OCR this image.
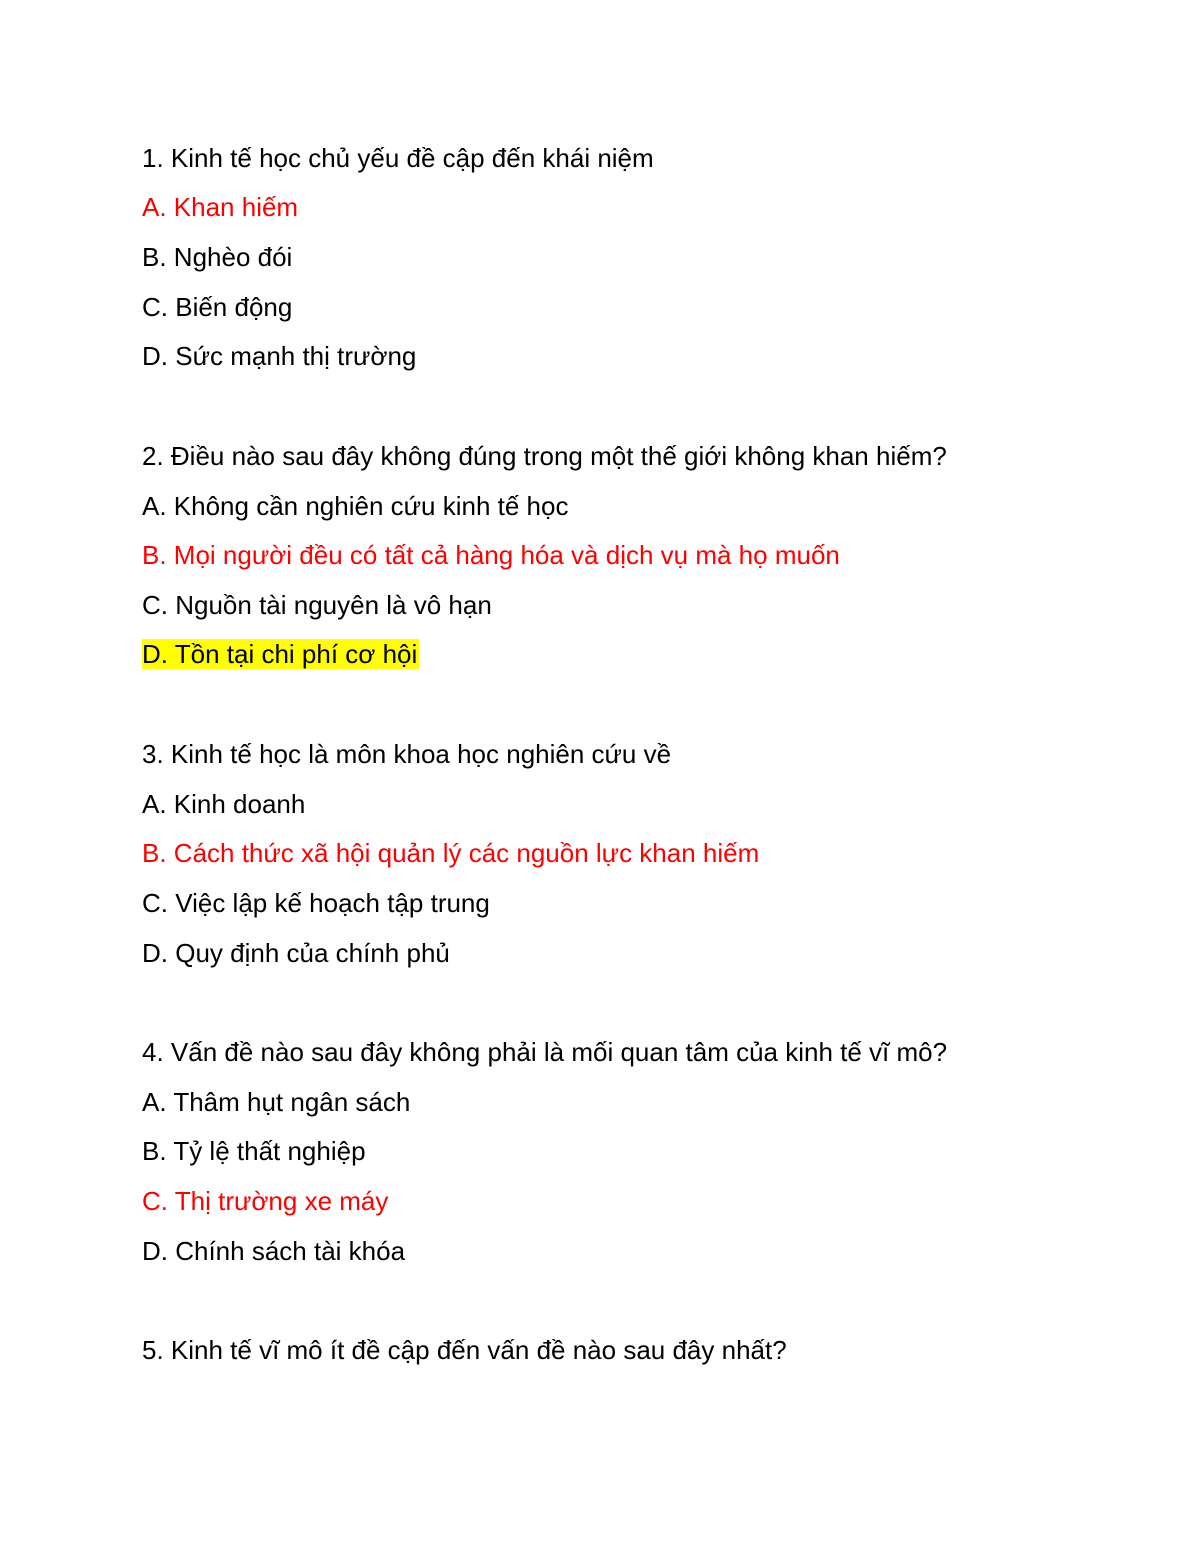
1. Kinh tế học chủ yếu đề cập đến khái niệm
A. Khan hiếm
B. Nghèo đói
C. Biến động
D. Sức mạnh thị trường
2. Điều nào sau đây không đúng trong một thế giới không khan hiếm?
A. Không cần nghiên cứu kinh tế học
B. Mọi người đều có tất cả hàng hóa và dịch vụ mà họ muốn
C. Nguồn tài nguyên là vô hạn
D. Tồn tại chi phí cơ hội
3. Kinh tế học là môn khoa học nghiên cứu về
A. Kinh doanh
B. Cách thức xã hội quản lý các nguồn lực khan hiếm
C. Việc lập kế hoạch tập trung
D. Quy định của chính phủ
4. Vấn đề nào sau đây không phải là mối quan tâm của kinh tế vĩ mô?
A. Thâm hụt ngân sách
B. Tỷ lệ thất nghiệp
C. Thị trường xe máy
D. Chính sách tài khóa
5. Kinh tế vĩ mô ít đề cập đến vấn đề nào sau đây nhất?
